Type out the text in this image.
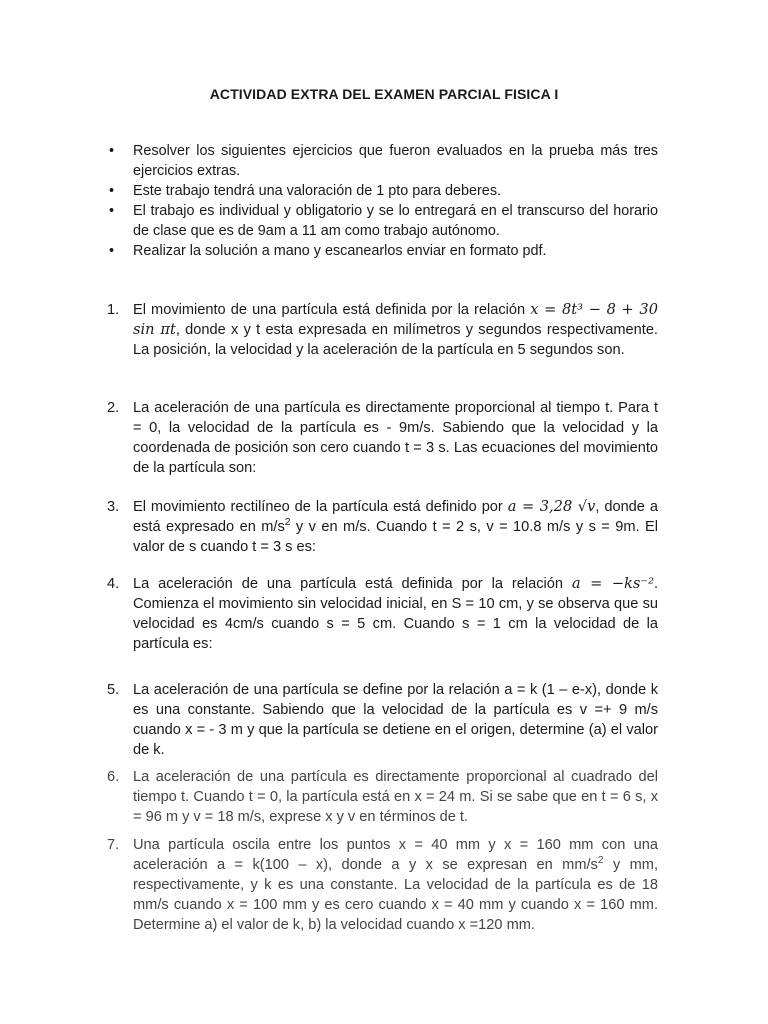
ACTIVIDAD EXTRA DEL EXAMEN PARCIAL FISICA I
• Resolver los siguientes ejercicios que fueron evaluados en la prueba más tres ejercicios extras.
• Este trabajo tendrá una valoración de 1 pto para deberes.
• El trabajo es individual y obligatorio y se lo entregará en el transcurso del horario de clase que es de 9am a 11 am como trabajo autónomo.
• Realizar la solución a mano y escanearlos enviar en formato pdf.
1. El movimiento de una partícula está definida por la relación x = 8t³ − 8 + 30 sin πt, donde x y t esta expresada en milímetros y segundos respectivamente. La posición, la velocidad y la aceleración de la partícula en 5 segundos son.
2. La aceleración de una partícula es directamente proporcional al tiempo t. Para t = 0, la velocidad de la partícula es - 9m/s. Sabiendo que la velocidad y la coordenada de posición son cero cuando t = 3 s. Las ecuaciones del movimiento de la partícula son:
3. El movimiento rectilíneo de la partícula está definido por a = 3,28 √v, donde a está expresado en $m/s^2$ y v en m/s. Cuando t = 2 s, v = 10.8 m/s y s = 9m. El valor de s cuando t = 3 s es:
4. La aceleración de una partícula está definida por la relación a = −ks⁻². Comienza el movimiento sin velocidad inicial, en S = 10 cm, y se observa que su velocidad es 4cm/s cuando s = 5 cm. Cuando s = 1 cm la velocidad de la partícula es:
5. La aceleración de una partícula se define por la relación a = k (1 – e-x), donde k es una constante. Sabiendo que la velocidad de la partícula es v =+ 9 m/s cuando x = - 3 m y que la partícula se detiene en el origen, determine (a) el valor de k.
6. La aceleración de una partícula es directamente proporcional al cuadrado del tiempo t. Cuando t = 0, la partícula está en x = 24 m. Si se sabe que en t = 6 s, x = 96 m y v = 18 m/s, exprese x y v en términos de t.
7. Una partícula oscila entre los puntos x = 40 mm y x = 160 mm con una aceleración a = k(100 – x), donde a y x se expresan en $mm/s^2$ y mm, respectivamente, y k es una constante. La velocidad de la partícula es de 18 mm/s cuando x = 100 mm y es cero cuando x = 40 mm y cuando x = 160 mm. Determine a) el valor de k, b) la velocidad cuando x =120 mm.
